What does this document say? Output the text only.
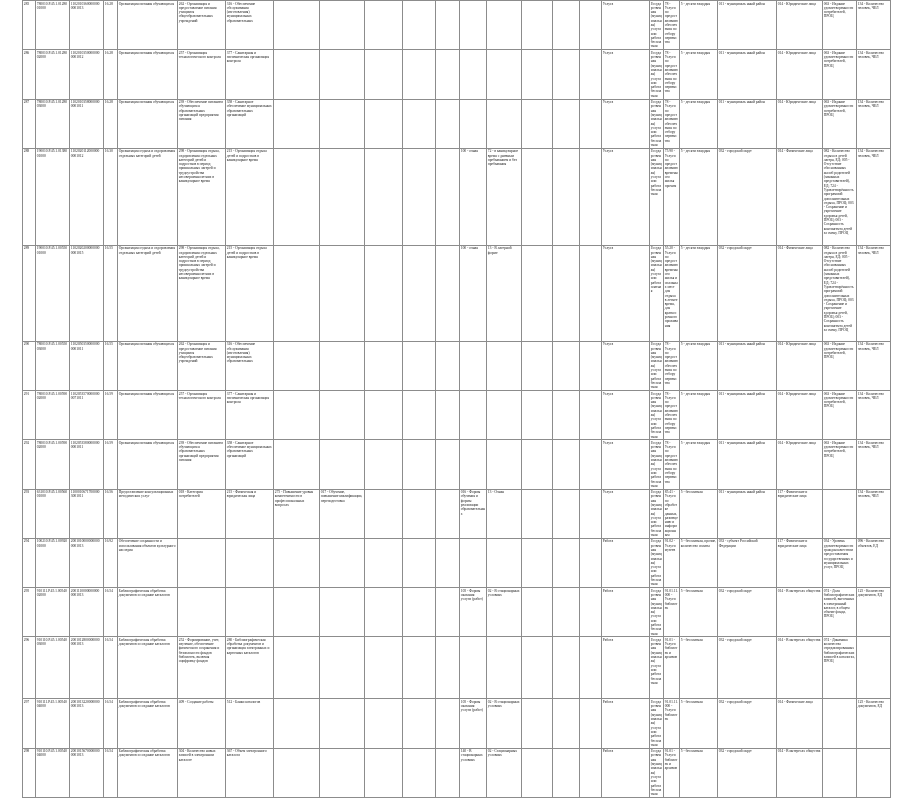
285	780010.Р.45.1.01280 01000	1102010360000000 0001013	16.28	Организация питания обучающихся	262 - Организация и предоставление питания учащимся общеобразовательных учреждений	316 - Обеспечение обслуживания (изготовления) муниципальных образовательных											Услуга	Государственная (муниципальная) услуга или работа бесплатная	78 - Услуги по предоставлению обеспечения по отбору первенства	5 - десяти ежиддня	011 - муниципаль нный район	014 - Юридические лица	063 - Издание удовлетворенности потребителей, ПРОЦ	134 - Количество человек, ЧЕЛ
286	780010.Р.45.1.01280 02000	1102010350000000 0001012	16.28	Организация питания обучающихся	257 - Организация технологического контроля	377 - Санитарная и гигиеническая организация контроля											Услуга	Государственная (муниципальная) услуга или работа бесплатная	78 - Услуги по предоставлению обеспечения по отбору первенства	5 - десяти ежиддня	011 - муниципаль нный район	014 - Юридические лица	063 - Издание удовлетворенности потребителей, ПРОЦ	134 - Количество человек, ЧЕЛ
287	780010.Р.45.1.01280 03000	1102010358000000 0001011	16.28	Организация питания обучающихся	239 - Обеспечение питанием обучающихся образовательных организаций предприятия питания	358 - Санитарное обеспечение муниципальных образовательных организаций											Услуга	Государственная (муниципальная) услуга или работа бесплатная	78 - Услуги по предоставлению обеспечения по отбору первенства	5 - десяти ежиддня	011 - муниципаль нный район	014 - Юридические лица	063 - Издание удовлетворенности потребителей, ПРОЦ	134 - Количество человек, ЧЕЛ
288	190010.Р.45.1.01380 01000	1102020112000000 0001012	16.30	Организация отдыха и оздоровления отдельных категорий детей	298 - Организация отдыха, оздоровления отдельных категорий детей и подростков в период пришкольных лагерей и трудоустройства несовершеннолетних в каникулярное время	215 - Организация отдыха детей и подростков в каникулярное время						100 - очная	72 - в каникулярное время с дневным пребыванием и без пребывания				Услуга	Государственная (муниципальная) услуга или работа бесплатная	75.90 - Услуги по предоставлению временного жилья прочим	5 - десяти ежиддня	032 - городской округ	014 - Физические лица	082 - Количество отдыха в детей лагеря, ЕД; 005 - Отсутствие обоснованных жалоб родителей (законных представителей), ЕД; 724 - Удовлетворённость программой дополнительных отдыха, ПРОЦ; 003 - Сохранение и укрепление здоровья детей, ПРОЦ; 003 - Сохранность контингента детей за смену, ПРОЦ	134 - Количество человек, ЧЕЛ
289	190010.Р.45.1.00550 01000	1102020200000000 0001015	16.55	Организация отдыха и оздоровления отдельных категорий детей	298 - Организация отдыха, оздоровления отдельных категорий детей и подростков в период пришкольных лагерей и трудоустройства несовершеннолетних в каникулярное время	215 - Организация отдыха детей и подростков в каникулярное время						100 - очная	13 - В лагерной форме				Услуга	Государственная (муниципальная) услуга или работа платная	55.20 - Услуги по предоставлению временного жилья и спальных мест для отдыха в летнее время, для краткосрочного проживания	5 - десяти ежиддня	032 - городской округ	014 - Физические лица	082 - Количество отдыха в детей лагеря, ЕД; 005 - Отсутствие обоснованных жалоб родителей (законных представителей), ЕД; 724 - Удовлетворённость программой дополнительных отдыха, ПРОЦ; 003 - Сохранение и укрепление здоровья детей, ПРОЦ; 003 - Сохранность контингента детей за смену, ПРОЦ	134 - Количество человек, ЧЕЛ
290	780010.Р.45.1.00550 03000	1102050350000000 0001011	16.55	Организация питания обучающихся	262 - Организация и предоставление питания учащимся общеобразовательных учреждений	316 - Обеспечение обслуживания (изготовления) муниципальных образовательных											Услуга	Государственная (муниципальная) услуга или работа бесплатная	78 - Услуги по предоставлению обеспечения по отбору первенства	5 - десяти ежиддня	011 - муниципаль нный район	014 - Юридические лица	063 - Издание удовлетворенности потребителей, ПРОЦ	134 - Количество человек, ЧЕЛ
291	780010.Р.45.1.00590 02000	1102053570000000 0071011	16.59	Организация питания обучающихся	257 - Организация технологического контроля	377 - Санитарная и гигиеническая организация контроля											Услуга	Государственная (муниципальная) услуга или работа бесплатная	78 - Услуги по предоставлению обеспечения по отбору первенства	5 - десяти ежиддня	011 - муниципаль нный район	014 - Юридические лица	063 - Издание удовлетворенности потребителей, ПРОЦ	134 - Количество человек, ЧЕЛ
292	780010.Р.45.1.00590 02000	1102053580000000 0001011	16.59	Организация питания обучающихся	239 - Обеспечение питанием обучающихся образовательных организаций предприятия питания	358 - Санитарное обеспечение муниципальных образовательных организаций											Услуга	Государственная (муниципальная) услуга или работа бесплатная	78 - Услуги по предоставлению обеспечения по отбору первенства	5 - десяти ежиддня	011 - муниципаль нный район	014 - Юридические лица	063 - Издание удовлетворенности потребителей, ПРОЦ	134 - Количество человек, ЧЕЛ
293	631010.Р.45.1.00560 01000	1100010671700000 3001011	16.56	Предоставление консультационных методических услуг	018 - Категория потребителей	215 - Физическая и юридическая лица	275 - Повышение уровня компетентности в профессиональных вопросах	017 - Обучение, повышение квалификации, переподготовка				016 - Формы обучения и формы реализации образовательных	13 - Очная				Услуга	Государственная (муниципальная) услуга или работа бесплатная	85.41 - Услуги по обработке данных, размещению и информационным	5 - бесплатная	011 - муниципаль нный район	117 - Физические и юридические лица		134 - Количество человек, ЧЕЛ
294	100210.Р.45.1.00920 01000	2001010000000000 0001013	16.92	Обеспечение сохранности и использования объектов культурного наследия													Работа	Государственная (муниципальная) услуга или работа бесплатная	91.02 - Услуги музеев	5 - бесплатная, прочие, количество оплаты	033 - субъект Российской Федерации	117 - Физические и юридические лица	034 - Уровень удовлетворенности граждан качеством предоставления государственных и муниципальных услуг, ПРОЦ	096 - Количество объектов, ЕД
295	910111.Р.45.1.00540 02000	2001110000000000 0001013	16.54	Библиографическая обработка документов и создание каталогов								105 - Формы оказания услуги (работ)	02 - В стационарных условиях				Работа	Государственная (муниципальная) услуга или работа бесплатная	91.01.11.000 - Услуги библиотек	5 - бесплатная	032 - городской округ	014 - В интересах общества	074 - Доля библиографических записей, внесенных в электронный каталог, в общем объеме фонда, ПРОЦ	125 - Количество документов, ЕД
296	910110.Р.45.1.00540 03000	2001012800000000 0001013	16.54	Библиографическая обработка документов и создание каталогов	252 - Формирование, учет, изучение, обеспечение физического сохранения и безопасности фондов библиотек, включая оцифровку фондов	280 - Библиографическая обработка документов и организация электронных и карточных каталогов											Работа	Государственная (муниципальная) услуга или работа бесплатная	91.01 - Услуги библиотек и архивов	5 - бесплатная	032 - городской округ	014 - В интересах общества	074 - Динамика количества отредактированных библиографических записей в каталогах, ПРОЦ	
297	910111.Р.45.1.00540 04000	2001013220000000 0001013	16.54	Библиографическая обработка документов и создание каталогов	409 - Создание работы	512 - Банки каталогов						105 - Формы оказания услуги (работ)	02 - В стационарных условиях				Работа	Государственная (муниципальная) услуга или работа бесплатная	91.01.11.000 - Услуги библиотек	5 - бесплатная	032 - городской округ	014 - Физические лица		125 - Количество документов, ЕД
298	910110.Р.45.1.00540 04000	2001015670000000 0001013	16.54	Библиографическая обработка документов и создание каталогов	304 - Количество новых записей в электронном каталоге	367 - Объем электронного каталога						140 - В стационарных условиях	02 - Стационарных условиях				Работа	Государственная (муниципальная) услуга или работа бесплатная	91.01 - Услуги библиотек и архивов	5 - бесплатная	032 - городской округ	014 - В интересах общества		
